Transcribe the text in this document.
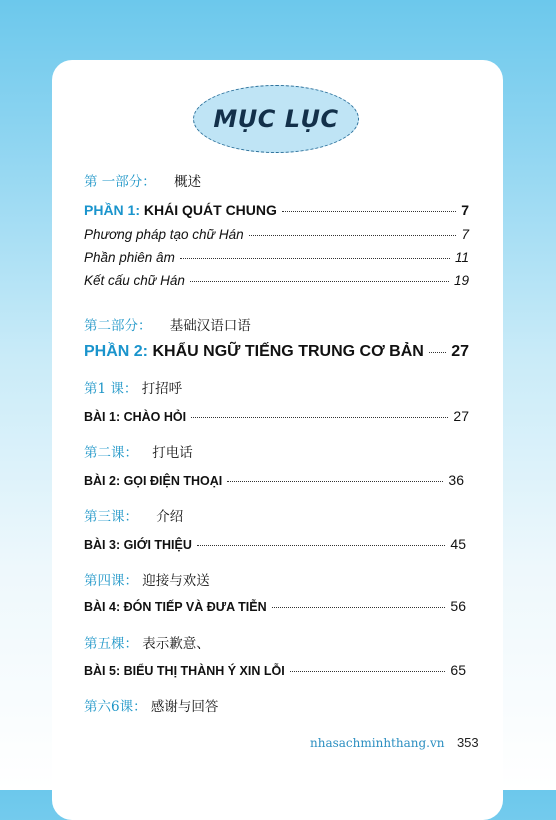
MỤC LỤC
第 一部分： 概述
PHẦN 1: KHÁI QUÁT CHUNG	7
Phương pháp tạo chữ Hán	7
Phần phiên âm	11
Kết cấu chữ Hán	19
第二部分： 基础汉语口语
PHẦN 2: KHẨU NGỮ TIẾNG TRUNG CƠ BẢN 27
第1 课： 打招呼
BÀI 1: CHÀO HỎI	27
第二课： 打电话
BÀI 2: GỌI ĐIỆN THOẠI	36
第三课： 介绍
BÀI 3: GIỚI THIỆU	45
第四课： 迎接与欢送
BÀI 4: ĐÓN TIẾP VÀ ĐƯA TIỄN	56
第五棵： 表示歉意、
BÀI 5: BIỂU THỊ THÀNH Ý XIN LỖI	65
第六6课： 感谢与回答
nhasachminhthang.vn 353
